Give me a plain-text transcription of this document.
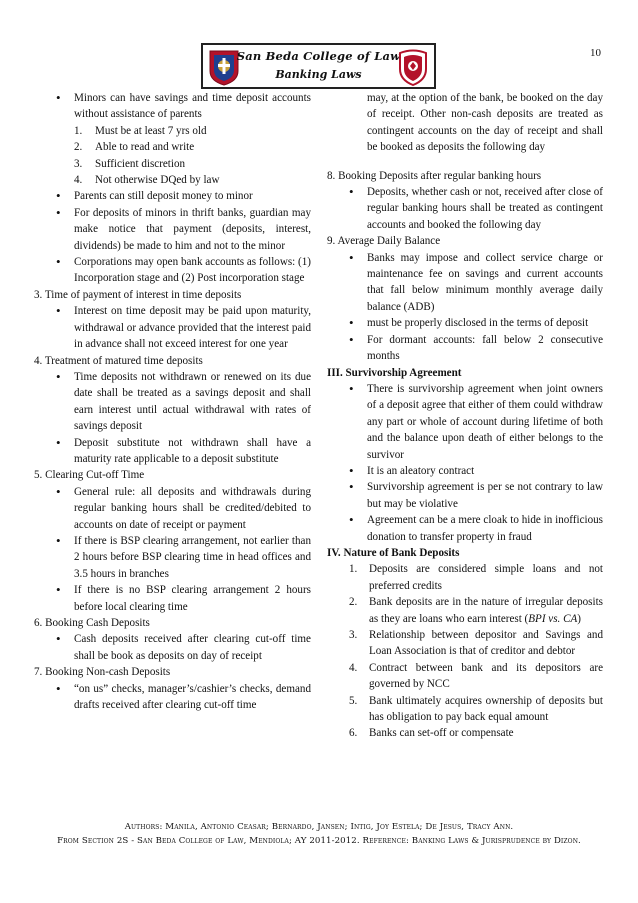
San Beda College of Law
Banking Laws
10
• Minors can have savings and time deposit accounts without assistance of parents
1. Must be at least 7 yrs old
2. Able to read and write
3. Sufficient discretion
4. Not otherwise DQed by law
• Parents can still deposit money to minor
• For deposits of minors in thrift banks, guardian may make notice that payment (deposits, interest, dividends) be made to him and not to the minor
• Corporations may open bank accounts as follows: (1) Incorporation stage and (2) Post incorporation stage

3. Time of payment of interest in time deposits

• Interest on time deposit may be paid upon maturity, withdrawal or advance provided that the interest paid in advance shall not exceed interest for one year

4. Treatment of matured time deposits

• Time deposits not withdrawn or renewed on its due date shall be treated as a savings deposit and shall earn interest until actual withdrawal with rates of savings deposit
• Deposit substitute not withdrawn shall have a maturity rate applicable to a deposit substitute

5. Clearing Cut-off Time

• General rule: all deposits and withdrawals during regular banking hours shall be credited/debited to accounts on date of receipt or payment
• If there is BSP clearing arrangement, not earlier than 2 hours before BSP clearing time in head offices and 3.5 hours in branches
• If there is no BSP clearing arrangement 2 hours before local clearing time

6. Booking Cash Deposits

• Cash deposits received after clearing cut-off time shall be book as deposits on day of receipt

7. Booking Non-cash Deposits

• “on us” checks, manager’s/cashier’s checks, demand drafts received after clearing cut-off time

may, at the option of the bank, be booked on the day of receipt. Other non-cash deposits are treated as contingent accounts on the day of receipt and shall be booked as deposits the following day

8. Booking Deposits after regular banking hours

• Deposits, whether cash or not, received after close of regular banking hours shall be treated as contingent accounts and booked the following day

9. Average Daily Balance

• Banks may impose and collect service charge or maintenance fee on savings and current accounts that fall below minimum monthly average daily balance (ADB)
• must be properly disclosed in the terms of deposit
• For dormant accounts: fall below 2 consecutive months

III. Survivorship Agreement

• There is survivorship agreement when joint owners of a deposit agree that either of them could withdraw any part or whole of account during lifetime of both and the balance upon death of either belongs to the survivor
• It is an aleatory contract
• Survivorship agreement is per se not contrary to law but may be violative
• Agreement can be a mere cloak to hide in inofficious donation to transfer property in fraud

IV. Nature of Bank Deposits

1. Deposits are considered simple loans and not preferred credits
2. Bank deposits are in the nature of irregular deposits as they are loans who earn interest (BPI vs. CA)
3. Relationship between depositor and Savings and Loan Association is that of creditor and debtor
4. Contract between bank and its depositors are governed by NCC
5. Bank ultimately acquires ownership of deposits but has obligation to pay back equal amount
6. Banks can set-off or compensate
Authors: Manila, Antonio Ceasar; Bernardo, Jansen; Intig, Joy Estela; De Jesus, Tracy Ann.
From Section 2S - San Beda College of Law, Mendiola; AY 2011-2012. Reference: Banking Laws & Jurisprudence by Dizon.
